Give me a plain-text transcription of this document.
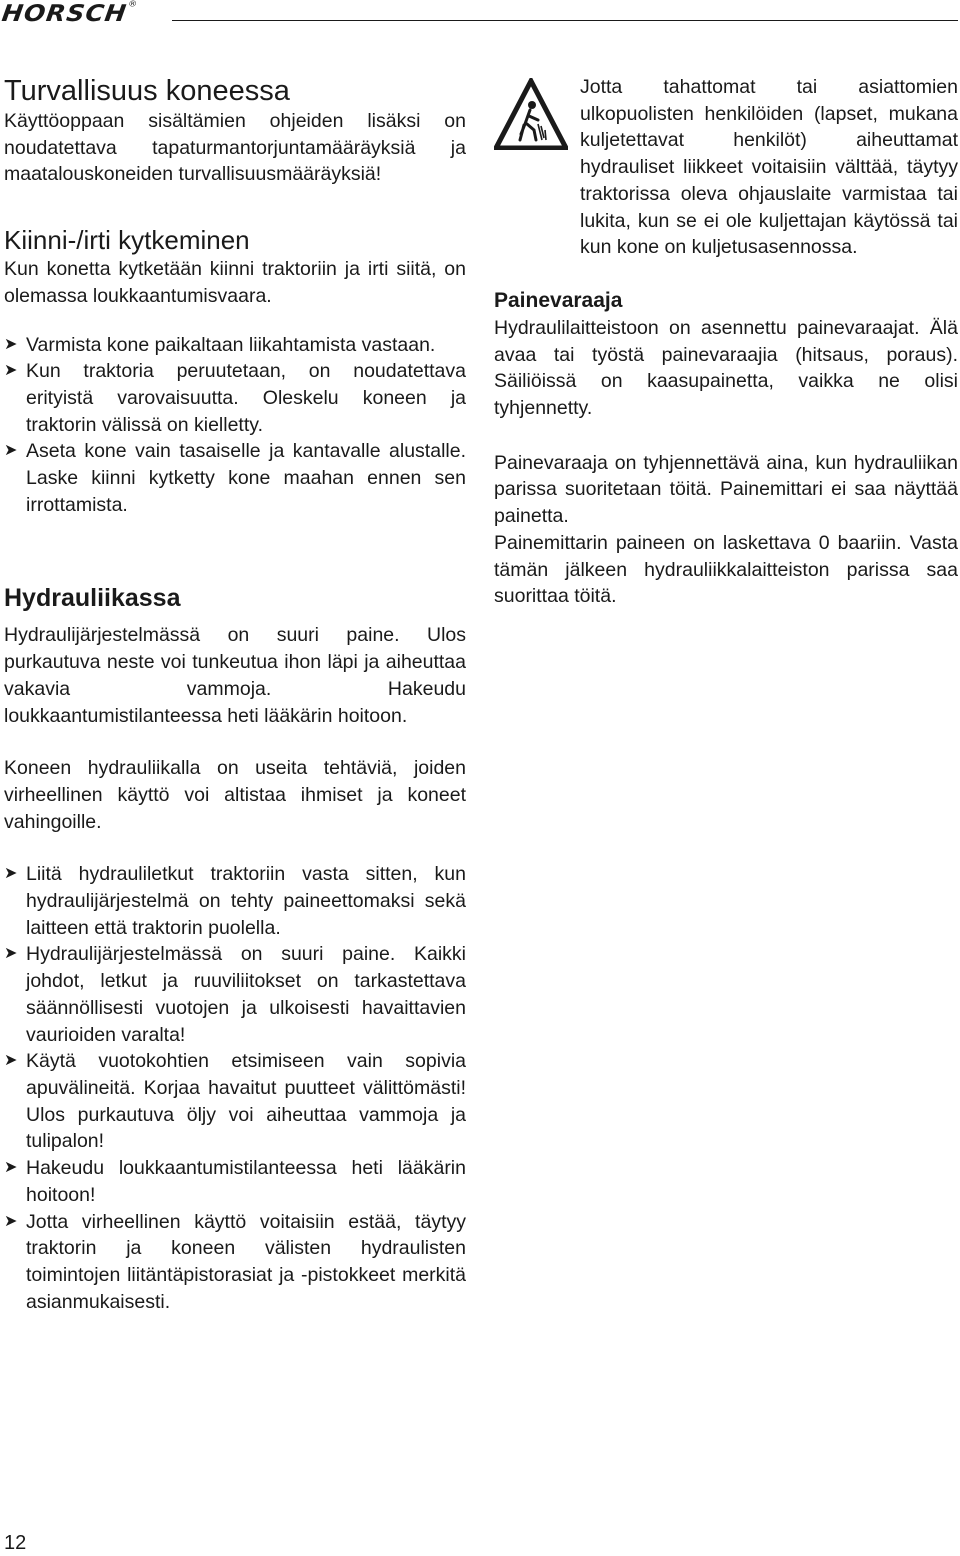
HORSCH®
Turvallisuus koneessa

Käyttöoppaan sisältämien ohjeiden lisäksi on noudatettava tapaturmantorjuntamääräyksiä ja maatalouskoneiden turvallisuusmääräyksiä!

Kiinni-/irti kytkeminen

Kun konetta kytketään kiinni traktoriin ja irti siitä, on olemassa loukkaantumisvaara.

➤ Varmista kone paikaltaan liikahtamista vastaan.
➤ Kun traktoria peruutetaan, on noudatettava erityistä varovaisuutta. Oleskelu koneen ja traktorin välissä on kielletty.
➤ Aseta kone vain tasaiselle ja kantavalle alustalle. Laske kiinni kytketty kone maahan ennen sen irrottamista.
Hydrauliikassa

Hydraulijärjestelmässä on suuri paine. Ulos purkautuva neste voi tunkeutua ihon läpi ja aiheuttaa vakavia vammoja. Hakeudu loukkaantumistilanteessa heti lääkärin hoitoon.

Koneen hydrauliikalla on useita tehtäviä, joiden virheellinen käyttö voi altistaa ihmiset ja koneet vahingoille.

➤ Liitä hydrauliletkut traktoriin vasta sitten, kun hydraulijärjestelmä on tehty paineettomaksi sekä laitteen että traktorin puolella.
➤ Hydraulijärjestelmässä on suuri paine. Kaikki johdot, letkut ja ruuviliitokset on tarkastettava säännöllisesti vuotojen ja ulkoisesti havaittavien vaurioiden varalta!
➤ Käytä vuotokohtien etsimiseen vain sopivia apuvälineitä. Korjaa havaitut puutteet välittömästi! Ulos purkautuva öljy voi aiheuttaa vammoja ja tulipalon!
➤ Hakeudu loukkaantumistilanteessa heti lääkärin hoitoon!
➤ Jotta virheellinen käyttö voitaisiin estää, täytyy traktorin ja koneen välisten hydraulisten toimintojen liitäntäpistorasiat ja -pistokkeet merkitä asianmukaisesti.

Jotta tahattomat tai asiattomien ulkopuolisten henkilöiden (lapset, mukana kuljetettavat henkilöt) aiheuttamat hydrauliset liikkeet voitaisiin välttää, täytyy traktorissa oleva ohjauslaite varmistaa tai lukita, kun se ei ole kuljettajan käytössä tai kun kone on kuljetusasennossa.

Painevaraaja

Hydraulilaitteistoon on asennettu painevaraajat. Älä avaa tai työstä painevaraajia (hitsaus, poraus). Säiliöissä on kaasupainetta, vaikka ne olisi tyhjennetty.

Painevaraaja on tyhjennettävä aina, kun hydrauliikan parissa suoritetaan töitä. Painemittari ei saa näyttää painetta.

Painemittarin paineen on laskettava 0 baariin. Vasta tämän jälkeen hydrauliikkalaitteiston parissa saa suorittaa töitä.

12
